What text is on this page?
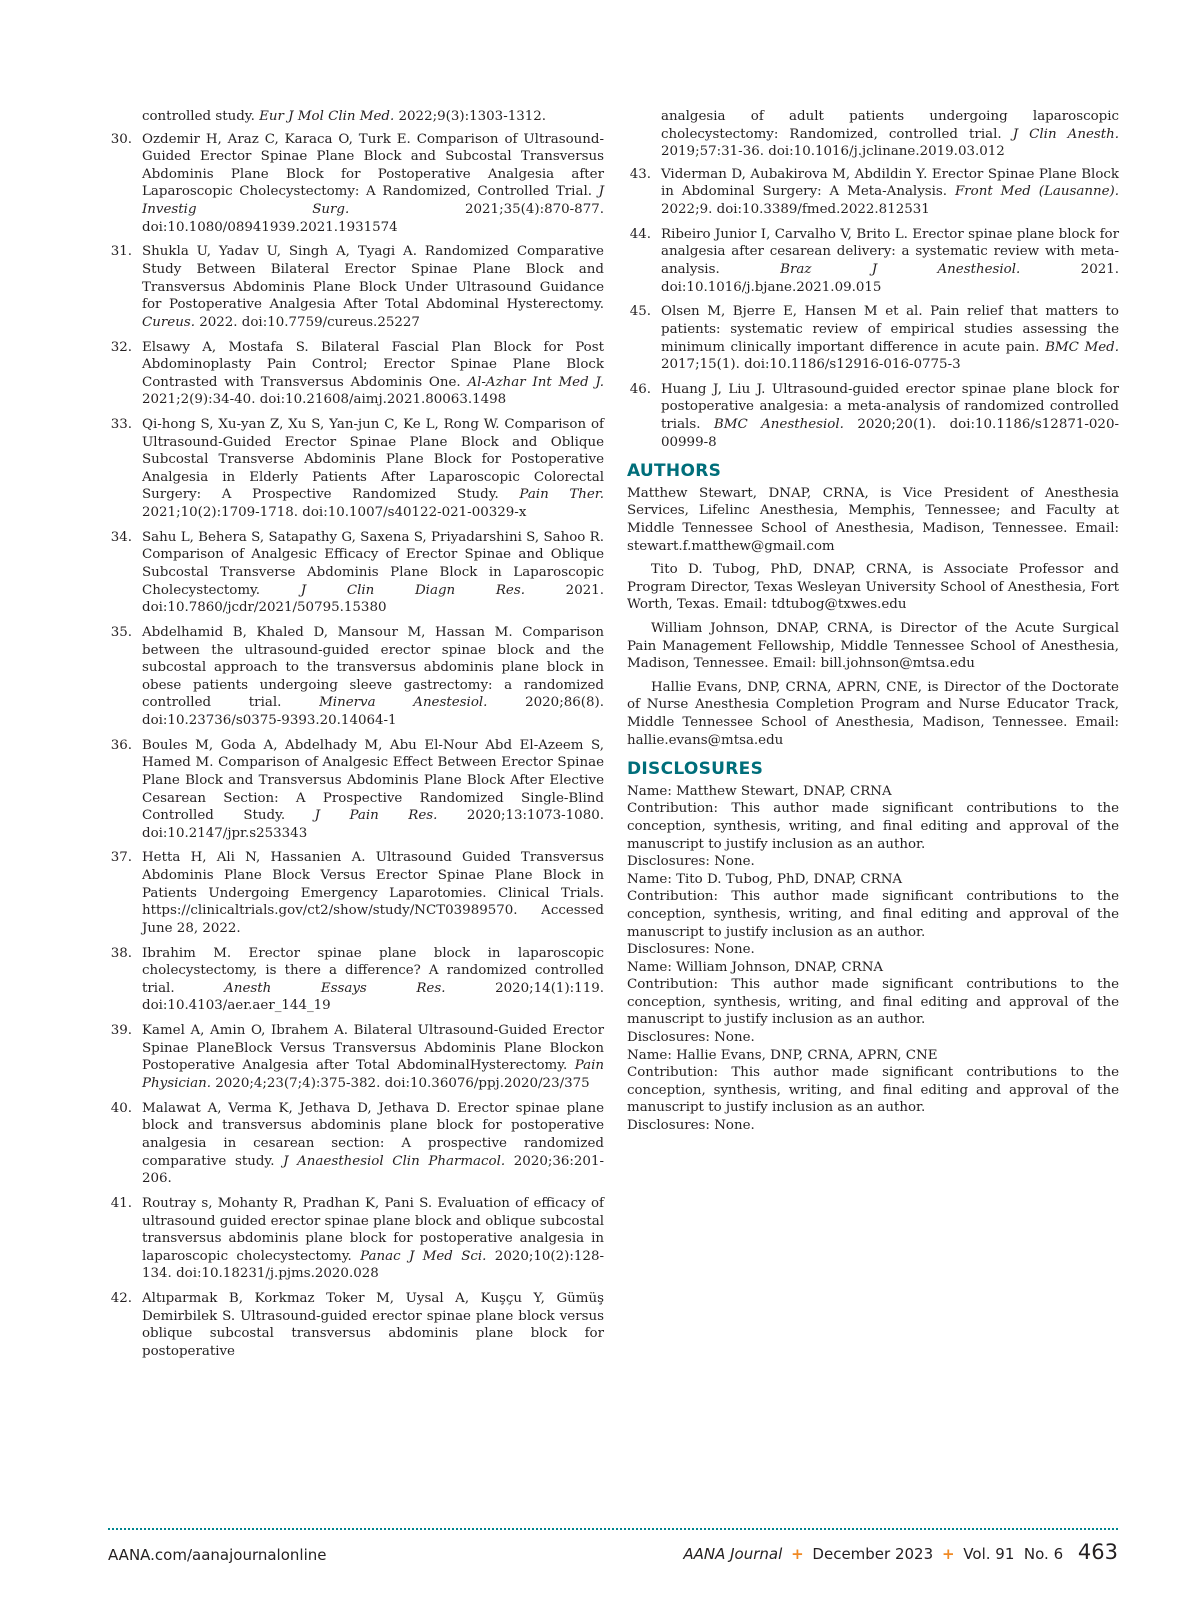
controlled study. Eur J Mol Clin Med. 2022;9(3):1303-1312.
30. Ozdemir H, Araz C, Karaca O, Turk E. Comparison of Ultrasound-Guided Erector Spinae Plane Block and Subcostal Transversus Abdominis Plane Block for Postoperative Analgesia after Laparoscopic Cholecystectomy: A Randomized, Controlled Trial. J Investig Surg. 2021;35(4):870-877. doi:10.1080/08941939.2021.1931574
31. Shukla U, Yadav U, Singh A, Tyagi A. Randomized Comparative Study Between Bilateral Erector Spinae Plane Block and Transversus Abdominis Plane Block Under Ultrasound Guidance for Postoperative Analgesia After Total Abdominal Hysterectomy. Cureus. 2022. doi:10.7759/cureus.25227
32. Elsawy A, Mostafa S. Bilateral Fascial Plan Block for Post Abdominoplasty Pain Control; Erector Spinae Plane Block Contrasted with Transversus Abdominis One. Al-Azhar Int Med J. 2021;2(9):34-40. doi:10.21608/aimj.2021.80063.1498
33. Qi-hong S, Xu-yan Z, Xu S, Yan-jun C, Ke L, Rong W. Comparison of Ultrasound-Guided Erector Spinae Plane Block and Oblique Subcostal Transverse Abdominis Plane Block for Postoperative Analgesia in Elderly Patients After Laparoscopic Colorectal Surgery: A Prospective Randomized Study. Pain Ther. 2021;10(2):1709-1718. doi:10.1007/s40122-021-00329-x
34. Sahu L, Behera S, Satapathy G, Saxena S, Priyadarshini S, Sahoo R. Comparison of Analgesic Efficacy of Erector Spinae and Oblique Subcostal Transverse Abdominis Plane Block in Laparoscopic Cholecystectomy. J Clin Diagn Res. 2021. doi:10.7860/jcdr/2021/50795.15380
35. Abdelhamid B, Khaled D, Mansour M, Hassan M. Comparison between the ultrasound-guided erector spinae block and the subcostal approach to the transversus abdominis plane block in obese patients undergoing sleeve gastrectomy: a randomized controlled trial. Minerva Anestesiol. 2020;86(8). doi:10.23736/s0375-9393.20.14064-1
36. Boules M, Goda A, Abdelhady M, Abu El-Nour Abd El-Azeem S, Hamed M. Comparison of Analgesic Effect Between Erector Spinae Plane Block and Transversus Abdominis Plane Block After Elective Cesarean Section: A Prospective Randomized Single-Blind Controlled Study. J Pain Res. 2020;13:1073-1080. doi:10.2147/jpr.s253343
37. Hetta H, Ali N, Hassanien A. Ultrasound Guided Transversus Abdominis Plane Block Versus Erector Spinae Plane Block in Patients Undergoing Emergency Laparotomies. Clinical Trials. https://clinicaltrials.gov/ct2/show/study/NCT03989570. Accessed June 28, 2022.
38. Ibrahim M. Erector spinae plane block in laparoscopic cholecystectomy, is there a difference? A randomized controlled trial. Anesth Essays Res. 2020;14(1):119. doi:10.4103/aer.aer_144_19
39. Kamel A, Amin O, Ibrahem A. Bilateral Ultrasound-Guided Erector Spinae PlaneBlock Versus Transversus Abdominis Plane Blockon Postoperative Analgesia after Total AbdominalHysterectomy. Pain Physician. 2020;4;23(7;4):375-382. doi:10.36076/ppj.2020/23/375
40. Malawat A, Verma K, Jethava D, Jethava D. Erector spinae plane block and transversus abdominis plane block for postoperative analgesia in cesarean section: A prospective randomized comparative study. J Anaesthesiol Clin Pharmacol. 2020;36:201-206.
41. Routray s, Mohanty R, Pradhan K, Pani S. Evaluation of efficacy of ultrasound guided erector spinae plane block and oblique subcostal transversus abdominis plane block for postoperative analgesia in laparoscopic cholecystectomy. Panac J Med Sci. 2020;10(2):128-134. doi:10.18231/j.pjms.2020.028
42. Altıparmak B, Korkmaz Toker M, Uysal A, Kuşçu Y, Gümüş Demirbilek S. Ultrasound-guided erector spinae plane block versus oblique subcostal transversus abdominis plane block for postoperative
analgesia of adult patients undergoing laparoscopic cholecystectomy: Randomized, controlled trial. J Clin Anesth. 2019;57:31-36. doi:10.1016/j.jclinane.2019.03.012
43. Viderman D, Aubakirova M, Abdildin Y. Erector Spinae Plane Block in Abdominal Surgery: A Meta-Analysis. Front Med (Lausanne). 2022;9. doi:10.3389/fmed.2022.812531
44. Ribeiro Junior I, Carvalho V, Brito L. Erector spinae plane block for analgesia after cesarean delivery: a systematic review with meta-analysis. Braz J Anesthesiol. 2021. doi:10.1016/j.bjane.2021.09.015
45. Olsen M, Bjerre E, Hansen M et al. Pain relief that matters to patients: systematic review of empirical studies assessing the minimum clinically important difference in acute pain. BMC Med. 2017;15(1). doi:10.1186/s12916-016-0775-3
46. Huang J, Liu J. Ultrasound-guided erector spinae plane block for postoperative analgesia: a meta-analysis of randomized controlled trials. BMC Anesthesiol. 2020;20(1). doi:10.1186/s12871-020-00999-8
AUTHORS

Matthew Stewart, DNAP, CRNA, is Vice President of Anesthesia Services, Lifelinc Anesthesia, Memphis, Tennessee; and Faculty at Middle Tennessee School of Anesthesia, Madison, Tennessee. Email: stewart.f.matthew@gmail.com

Tito D. Tubog, PhD, DNAP, CRNA, is Associate Professor and Program Director, Texas Wesleyan University School of Anesthesia, Fort Worth, Texas. Email: tdtubog@txwes.edu

William Johnson, DNAP, CRNA, is Director of the Acute Surgical Pain Management Fellowship, Middle Tennessee School of Anesthesia, Madison, Tennessee. Email: bill.johnson@mtsa.edu

Hallie Evans, DNP, CRNA, APRN, CNE, is Director of the Doctorate of Nurse Anesthesia Completion Program and Nurse Educator Track, Middle Tennessee School of Anesthesia, Madison, Tennessee. Email: hallie.evans@mtsa.edu

DISCLOSURES

Name: Matthew Stewart, DNAP, CRNA

Contribution: This author made significant contributions to the conception, synthesis, writing, and final editing and approval of the manuscript to justify inclusion as an author.

Disclosures: None.

Name: Tito D. Tubog, PhD, DNAP, CRNA

Contribution: This author made significant contributions to the conception, synthesis, writing, and final editing and approval of the manuscript to justify inclusion as an author.

Disclosures: None.

Name: William Johnson, DNAP, CRNA

Contribution: This author made significant contributions to the conception, synthesis, writing, and final editing and approval of the manuscript to justify inclusion as an author.

Disclosures: None.

Name: Hallie Evans, DNP, CRNA, APRN, CNE

Contribution: This author made significant contributions to the conception, synthesis, writing, and final editing and approval of the manuscript to justify inclusion as an author.

Disclosures: None.

AANA.com/aanajournalonline	AANA Journal + December 2023 + Vol. 91  No. 6 463
